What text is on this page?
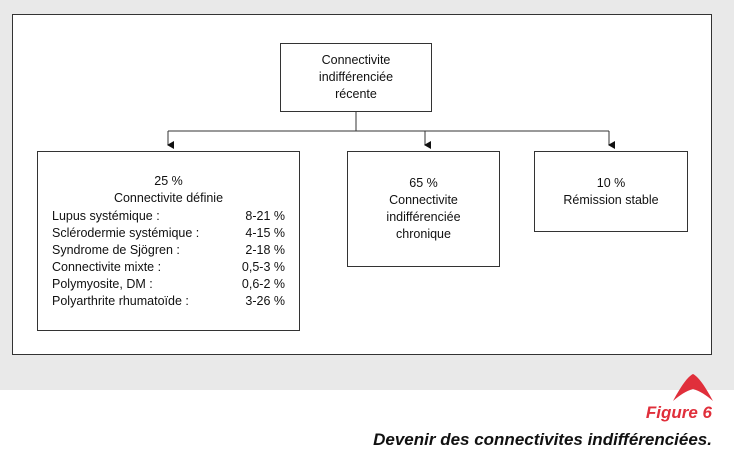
Connectivite
indifférenciée
récente
25 %
Connectivite définie
Lupus systémique :	8-21 %
Sclérodermie systémique :	4-15 %
Syndrome de Sjögren :	2-18 %
Connectivite mixte :	0,5-3 %
Polymyosite, DM :	0,6-2 %
Polyarthrite rhumatoïde :	3-26 %
65 %
Connectivite
indifférenciée
chronique
10 %
Rémission stable
Figure 6
Devenir des connectivites indifférenciées.
